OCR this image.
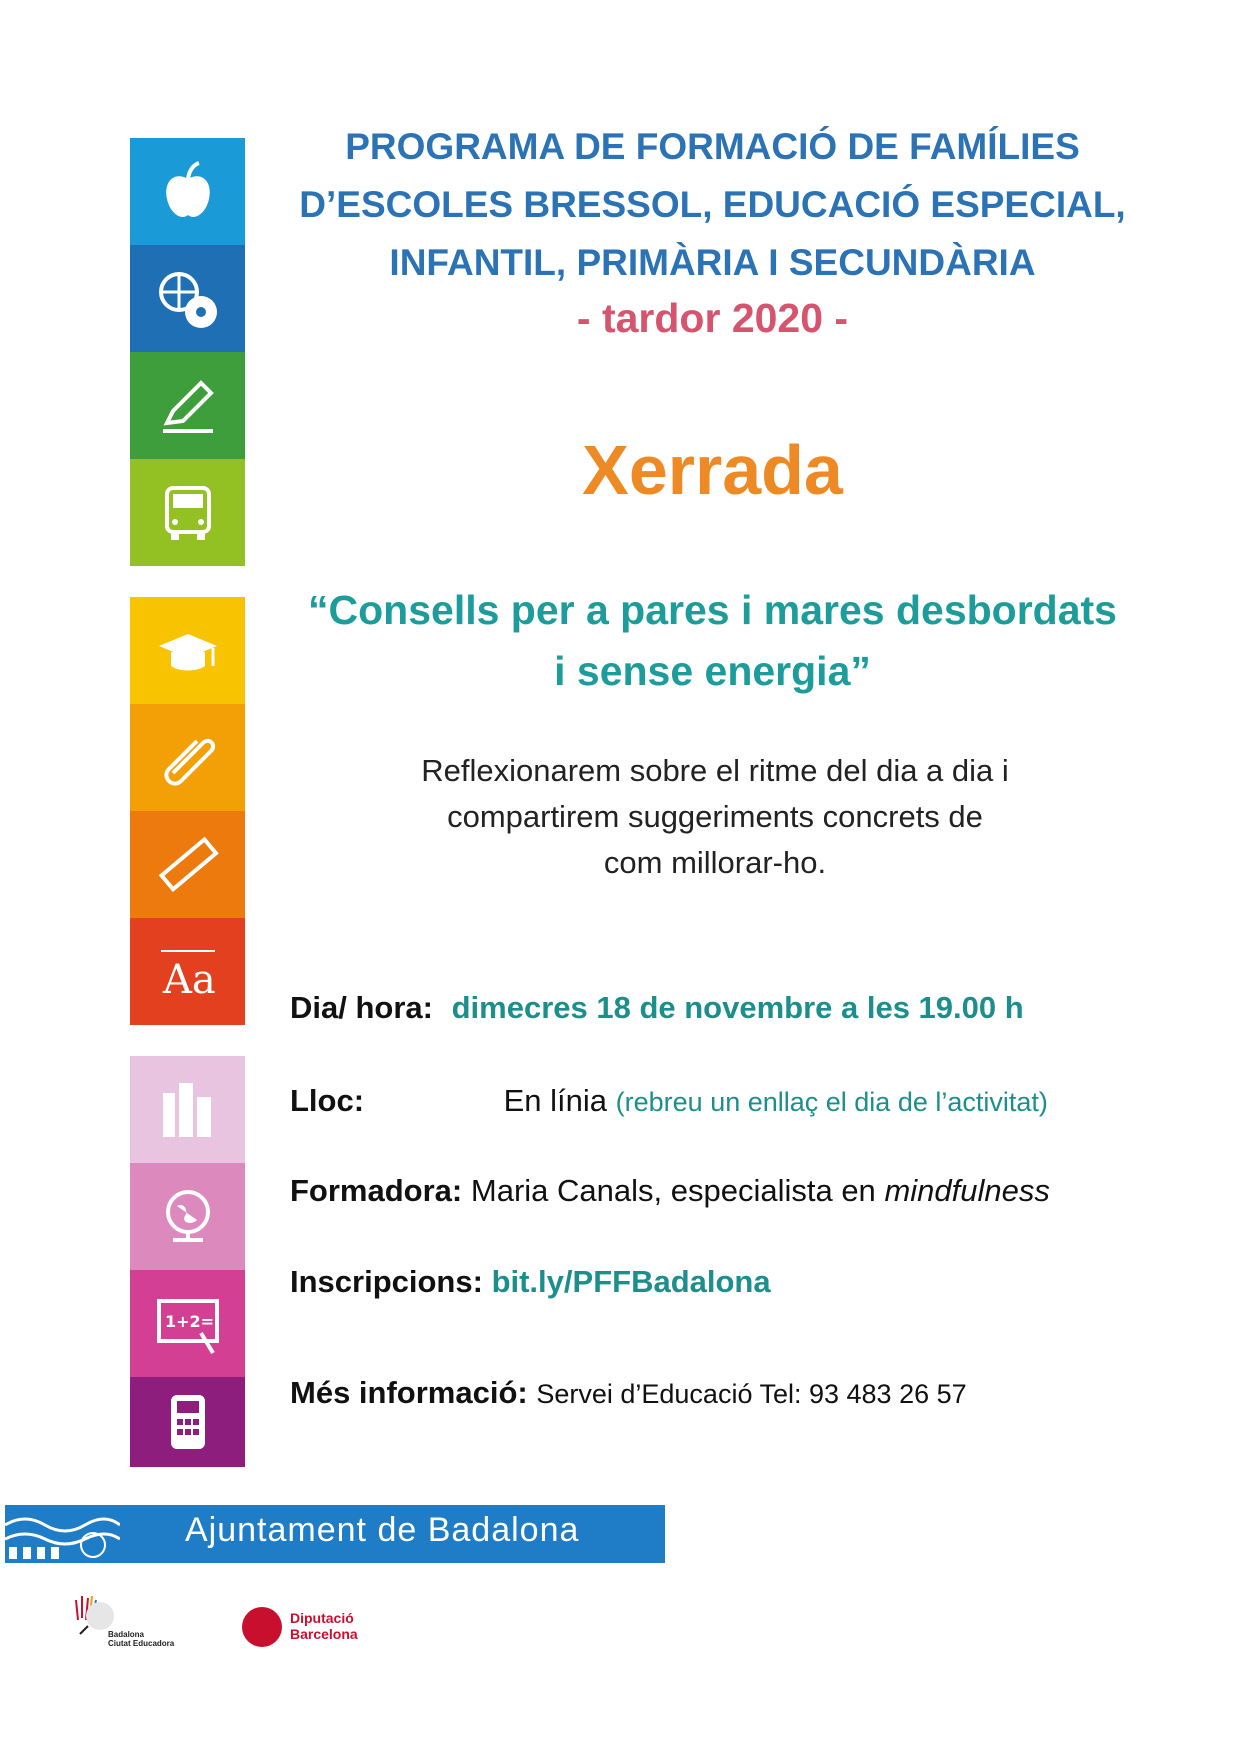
Aa
1+2=
PROGRAMA DE FORMACIÓ DE FAMÍLIES
D’ESCOLES BRESSOL, EDUCACIÓ ESPECIAL,
INFANTIL, PRIMÀRIA I SECUNDÀRIA
- tardor 2020 -
Xerrada
“Consells per a pares i mares desbordats
i sense energia”
Reflexionarem sobre el ritme del dia a dia i
compartirem suggeriments concrets de
com millorar-ho.
Dia/ hora: dimecres 18 de novembre a les 19.00 h
Lloc:	En línia (rebreu un enllaç el dia de l’activitat)
Formadora: Maria Canals, especialista en mindfulness
Inscripcions: bit.ly/PFFBadalona
Més informació: Servei d’Educació Tel: 93 483 26 57
Ajuntament de Badalona
Badalona
Ciutat Educadora
Diputació
Barcelona
